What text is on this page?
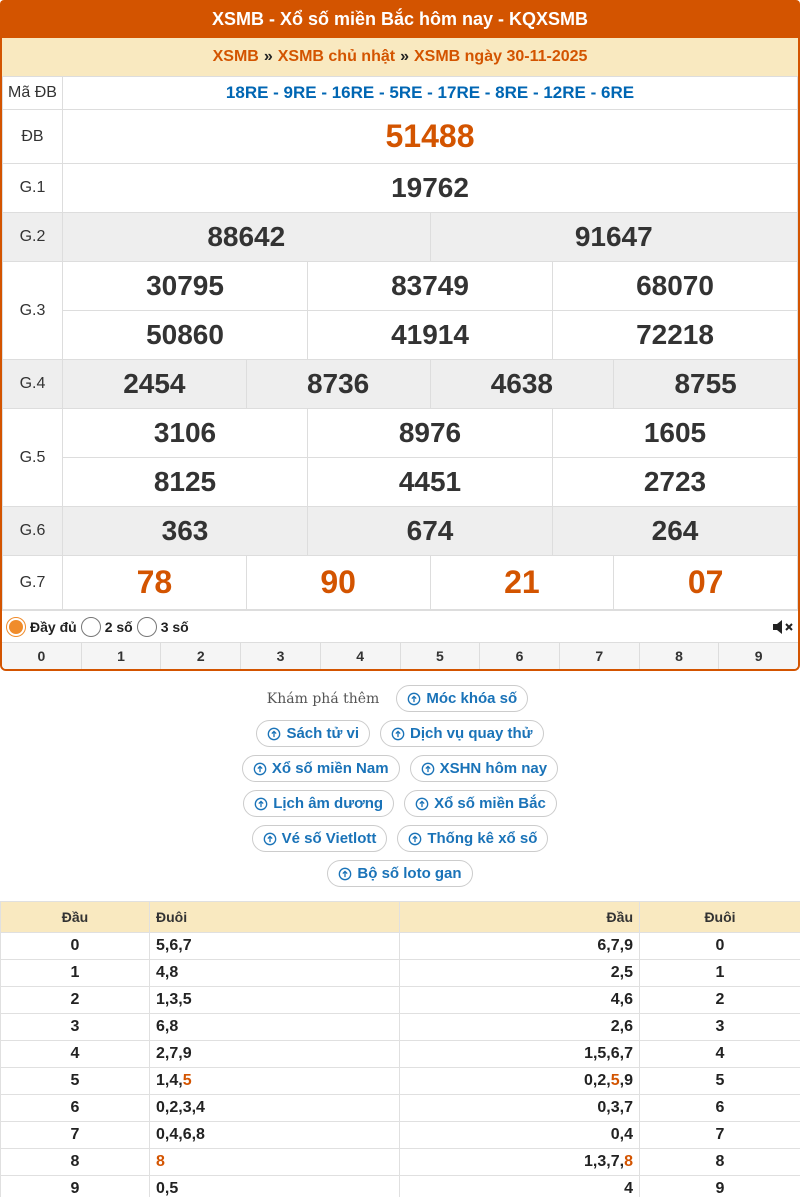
XSMB - Xổ số miền Bắc hôm nay - KQXSMB
XSMB » XSMB chủ nhật » XSMB ngày 30-11-2025
Mã ĐB	18RE - 9RE - 16RE - 5RE - 17RE - 8RE - 12RE - 6RE					
ĐB	51488					
G.1	19762					
G.2	88642			91647		
G.3	30795		83749		68070	
	50860		41914		72218	
G.4	2454	8736		4638		8755
G.5	3106		8976		1605	
	8125		4451		2723	
G.6	363		674		264	
G.7	78	90		21		07
Đầy đủ 2 số 3 số
0	1	2	3	4	5	6	7	8	9
Khám phá thêm	Móc khóa số
Sách tử vi	Dịch vụ quay thử
Xổ số miền Nam	XSHN hôm nay
Lịch âm dương	Xổ số miền Bắc
Vé số Vietlott	Thống kê xổ số
Bộ số loto gan
Đầu	Đuôi	Đầu	Đuôi
0	5,6,7	6,7,9	0
1	4,8	2,5	1
2	1,3,5	4,6	2
3	6,8	2,6	3
4	2,7,9	1,5,6,7	4
5	1,4,5	0,2,5,9	5
6	0,2,3,4	0,3,7	6
7	0,4,6,8	0,4	7
8	8	1,3,7,8	8
9	0,5	4	9
